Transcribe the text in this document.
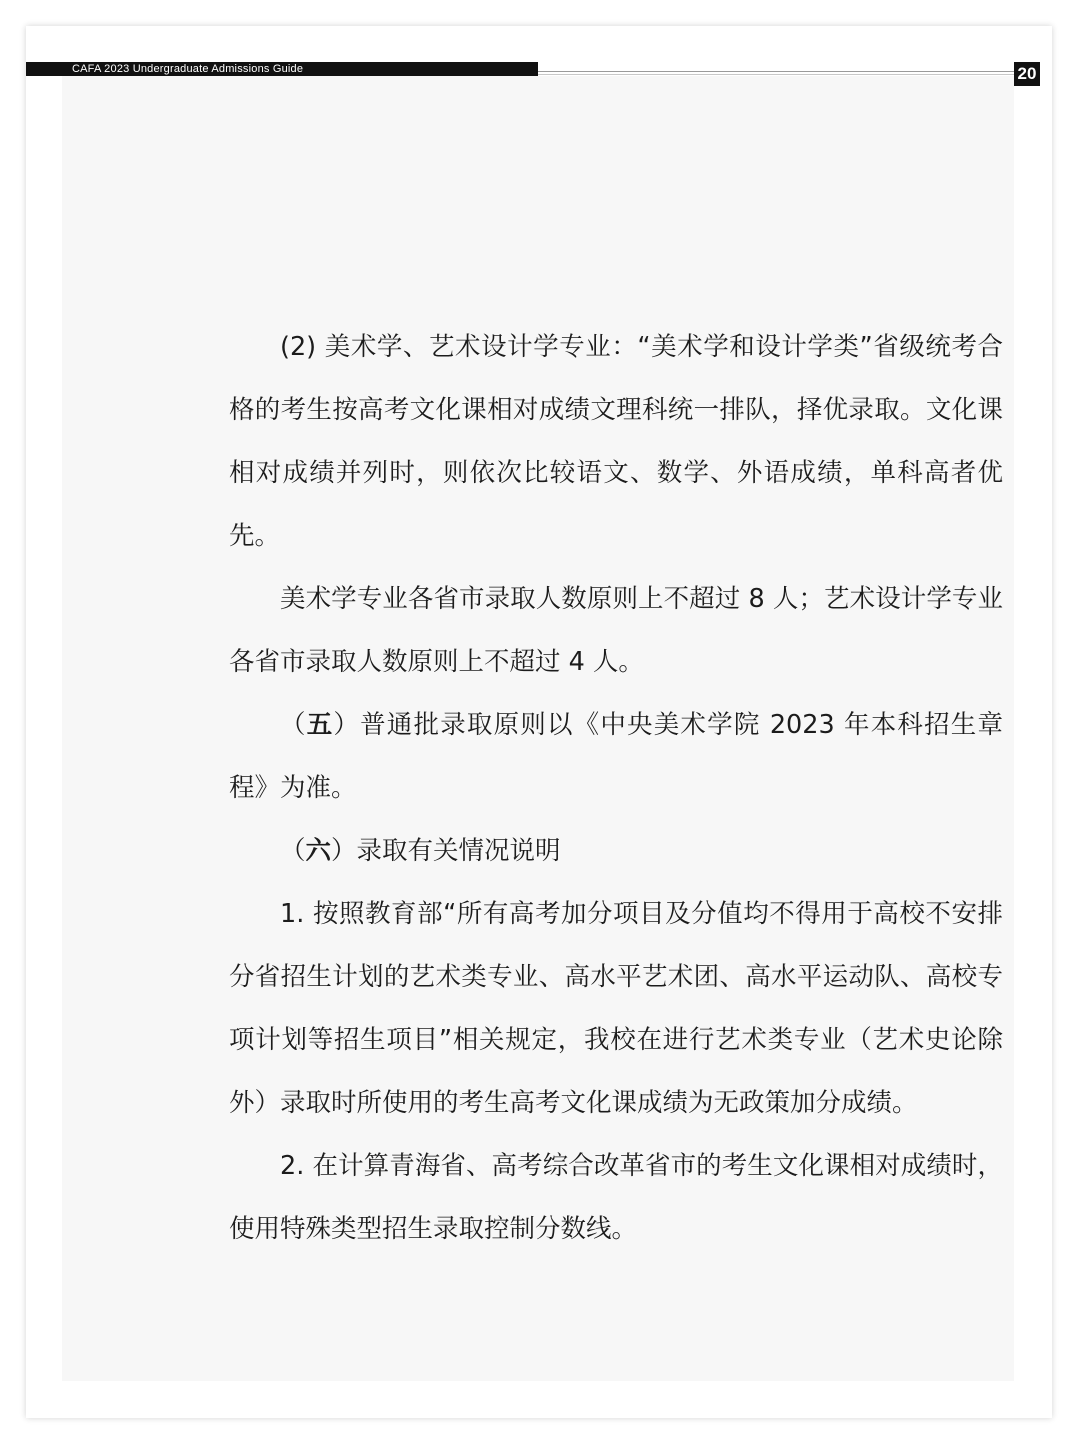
CAFA 2023 Undergraduate Admissions Guide	20

(2) 美术学、艺术设计学专业：“美术学和设计学类”省级统考合格的考生按高考文化课相对成绩文理科统一排队，择优录取。文化课相对成绩并列时，则依次比较语文、数学、外语成绩，单科高者优先。

美术学专业各省市录取人数原则上不超过 8 人；艺术设计学专业各省市录取人数原则上不超过 4 人。

（五）普通批录取原则以《中央美术学院 2023 年本科招生章程》为准。

（六）录取有关情况说明

1. 按照教育部“所有高考加分项目及分值均不得用于高校不安排分省招生计划的艺术类专业、高水平艺术团、高水平运动队、高校专项计划等招生项目”相关规定，我校在进行艺术类专业（艺术史论除外）录取时所使用的考生高考文化课成绩为无政策加分成绩。

2. 在计算青海省、高考综合改革省市的考生文化课相对成绩时，使用特殊类型招生录取控制分数线。
